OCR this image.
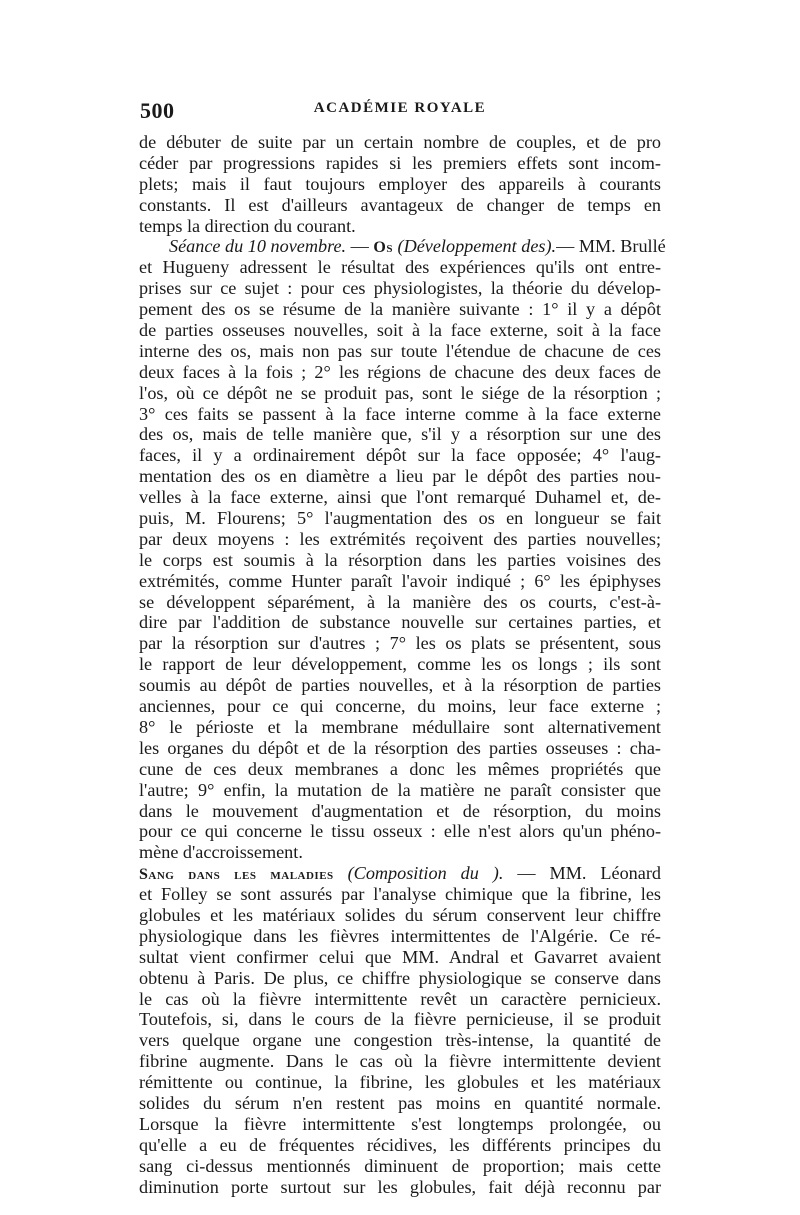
500	ACADÉMIE ROYALE
de débuter de suite par un certain nombre de couples, et de pro
céder par progressions rapides si les premiers effets sont incom-
plets; mais il faut toujours employer des appareils à courants
constants. Il est d'ailleurs avantageux de changer de temps en
temps la direction du courant.
Séance du 10 novembre. — Os (Développement des).— MM. Brullé
et Hugueny adressent le résultat des expériences qu'ils ont entre-
prises sur ce sujet : pour ces physiologistes, la théorie du dévelop-
pement des os se résume de la manière suivante : 1° il y a dépôt
de parties osseuses nouvelles, soit à la face externe, soit à la face
interne des os, mais non pas sur toute l'étendue de chacune de ces
deux faces à la fois ; 2° les régions de chacune des deux faces de
l'os, où ce dépôt ne se produit pas, sont le siége de la résorption ;
3° ces faits se passent à la face interne comme à la face externe
des os, mais de telle manière que, s'il y a résorption sur une des
faces, il y a ordinairement dépôt sur la face opposée; 4° l'aug-
mentation des os en diamètre a lieu par le dépôt des parties nou-
velles à la face externe, ainsi que l'ont remarqué Duhamel et, de-
puis, M. Flourens; 5° l'augmentation des os en longueur se fait
par deux moyens : les extrémités reçoivent des parties nouvelles;
le corps est soumis à la résorption dans les parties voisines des
extrémités, comme Hunter paraît l'avoir indiqué ; 6° les épiphyses
se développent séparément, à la manière des os courts, c'est-à-
dire par l'addition de substance nouvelle sur certaines parties, et
par la résorption sur d'autres ; 7° les os plats se présentent, sous
le rapport de leur développement, comme les os longs ; ils sont
soumis au dépôt de parties nouvelles, et à la résorption de parties
anciennes, pour ce qui concerne, du moins, leur face externe ;
8° le périoste et la membrane médullaire sont alternativement
les organes du dépôt et de la résorption des parties osseuses : cha-
cune de ces deux membranes a donc les mêmes propriétés que
l'autre; 9° enfin, la mutation de la matière ne paraît consister que
dans le mouvement d'augmentation et de résorption, du moins
pour ce qui concerne le tissu osseux : elle n'est alors qu'un phéno-
mène d'accroissement.
Sang dans les maladies (Composition du ). — MM. Léonard
et Folley se sont assurés par l'analyse chimique que la fibrine, les
globules et les matériaux solides du sérum conservent leur chiffre
physiologique dans les fièvres intermittentes de l'Algérie. Ce ré-
sultat vient confirmer celui que MM. Andral et Gavarret avaient
obtenu à Paris. De plus, ce chiffre physiologique se conserve dans
le cas où la fièvre intermittente revêt un caractère pernicieux.
Toutefois, si, dans le cours de la fièvre pernicieuse, il se produit
vers quelque organe une congestion très-intense, la quantité de
fibrine augmente. Dans le cas où la fièvre intermittente devient
rémittente ou continue, la fibrine, les globules et les matériaux
solides du sérum n'en restent pas moins en quantité normale.
Lorsque la fièvre intermittente s'est longtemps prolongée, ou
qu'elle a eu de fréquentes récidives, les différents principes du
sang ci-dessus mentionnés diminuent de proportion; mais cette
diminution porte surtout sur les globules, fait déjà reconnu par
